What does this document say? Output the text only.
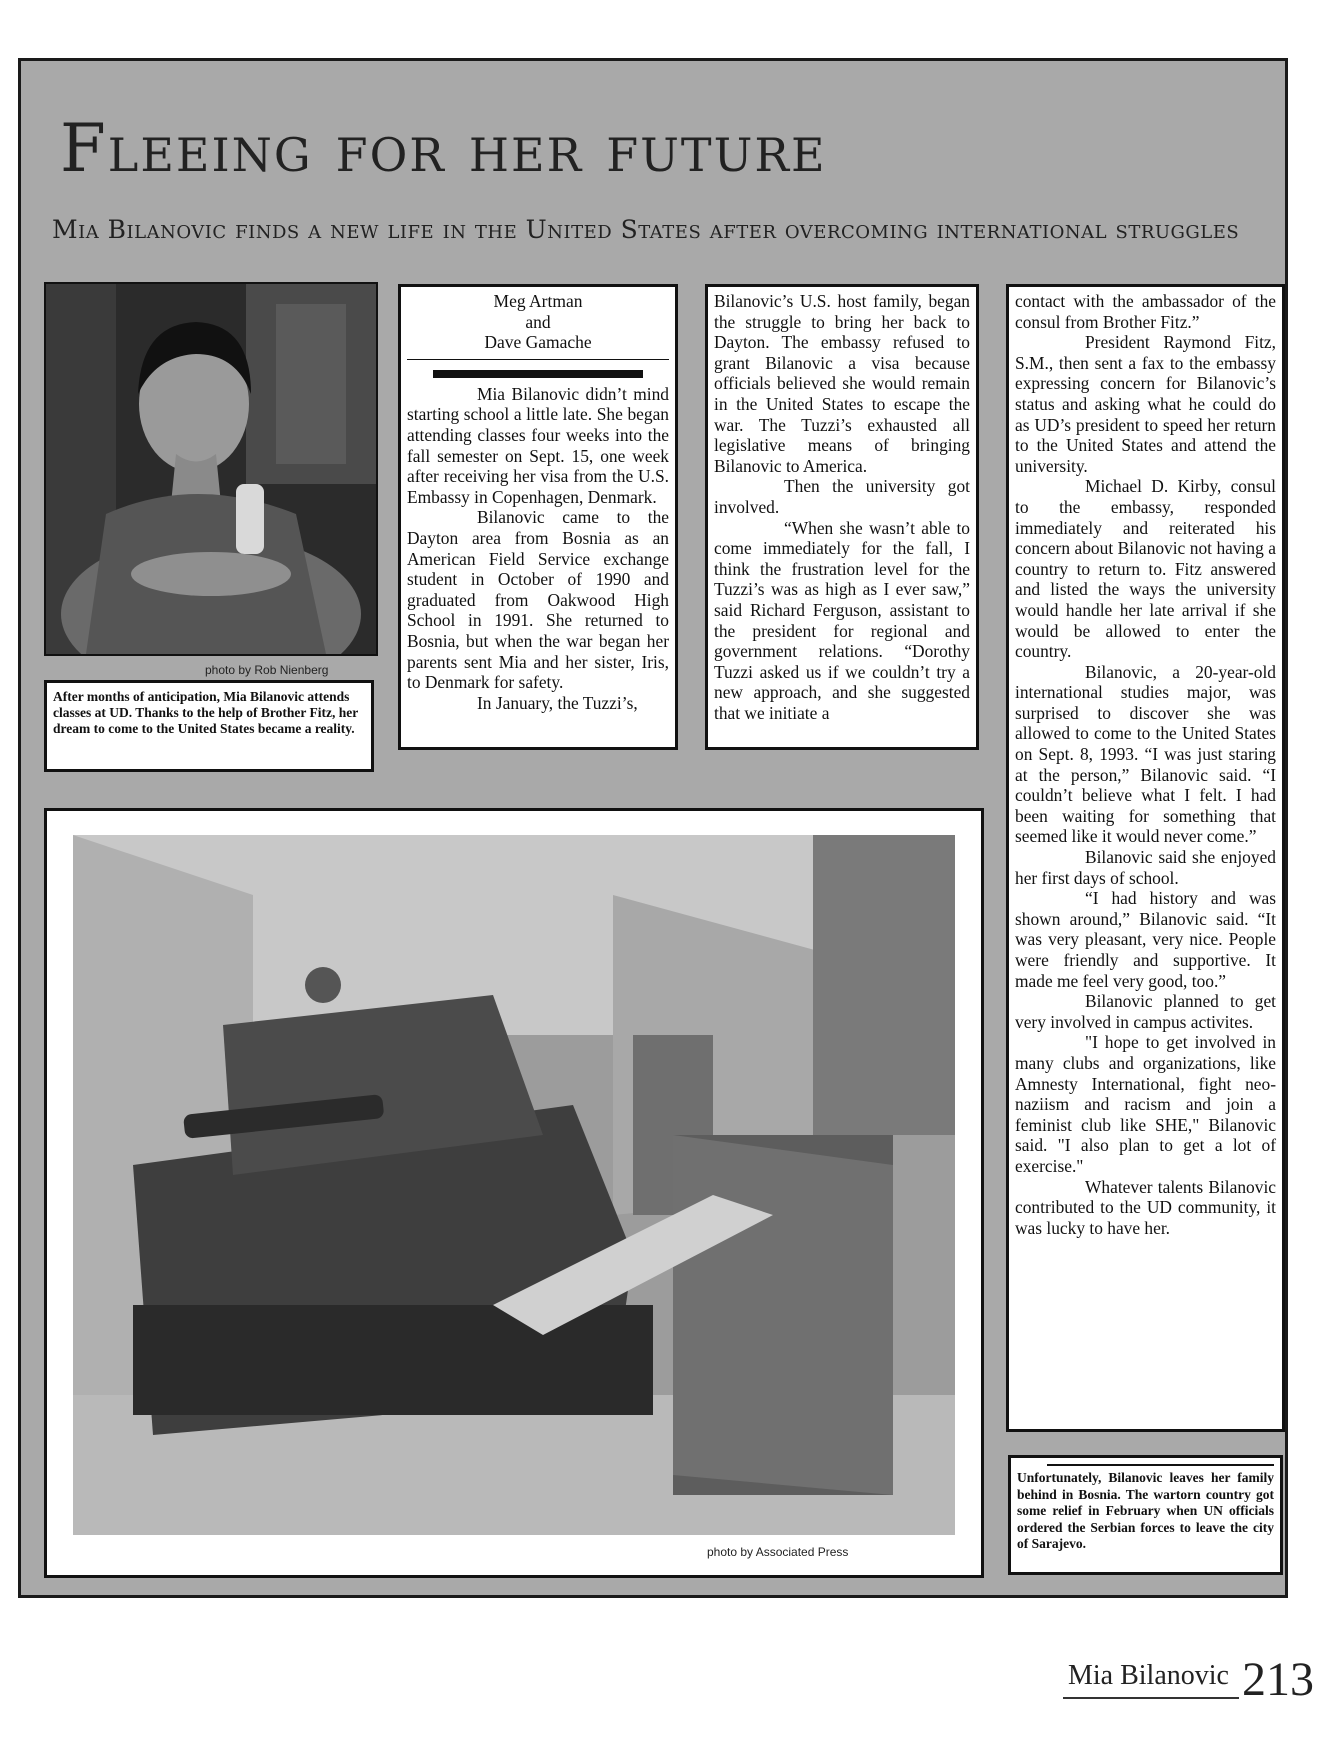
Fleeing for her future
Mia Bilanovic finds a new life in the United States after overcoming international struggles
photo by Rob Nienberg
After months of anticipation, Mia Bilanovic attends classes at UD. Thanks to the help of Brother Fitz, her dream to come to the United States became a reality.
Meg Artman
and
Dave Gamache

Mia Bilanovic didn’t mind starting school a little late. She began attending classes four weeks into the fall semester on Sept. 15, one week after receiving her visa from the U.S. Embassy in Copenhagen, Denmark.

Bilanovic came to the Dayton area from Bosnia as an American Field Service exchange student in October of 1990 and graduated from Oakwood High School in 1991. She returned to Bosnia, but when the war began her parents sent Mia and her sister, Iris, to Denmark for safety.

In January, the Tuzzi’s,

Bilanovic’s U.S. host family, began the struggle to bring her back to Dayton. The embassy refused to grant Bilanovic a visa because officials believed she would remain in the United States to escape the war. The Tuzzi’s exhausted all legislative means of bringing Bilanovic to America.

Then the university got involved.

“When she wasn’t able to come immediately for the fall, I think the frustration level for the Tuzzi’s was as high as I ever saw,” said Richard Ferguson, assistant to the president for regional and government relations. “Dorothy Tuzzi asked us if we couldn’t try a new approach, and she suggested that we initiate a

contact with the ambassador of the consul from Brother Fitz.”

President Raymond Fitz, S.M., then sent a fax to the embassy expressing concern for Bilanovic’s status and asking what he could do as UD’s president to speed her return to the United States and attend the university.

Michael D. Kirby, consul to the embassy, responded immediately and reiterated his concern about Bilanovic not having a country to return to. Fitz answered and listed the ways the university would handle her late arrival if she would be allowed to enter the country.

Bilanovic, a 20-year-old international studies major, was surprised to discover she was allowed to come to the United States on Sept. 8, 1993. “I was just staring at the person,” Bilanovic said. “I couldn’t believe what I felt. I had been waiting for something that seemed like it would never come.”

Bilanovic said she enjoyed her first days of school.

“I had history and was shown around,” Bilanovic said. “It was very pleasant, very nice. People were friendly and supportive. It made me feel very good, too.”

Bilanovic planned to get very involved in campus activites.

"I hope to get involved in many clubs and organizations, like Amnesty International, fight neo-naziism and racism and join a feminist club like SHE," Bilanovic said. "I also plan to get a lot of exercise."

Whatever talents Bilanovic contributed to the UD community, it was lucky to have her.

photo by Associated Press
Unfortunately, Bilanovic leaves her family behind in Bosnia. The wartorn country got some relief in February when UN officials ordered the Serbian forces to leave the city of Sarajevo.
Mia Bilanovic 213
